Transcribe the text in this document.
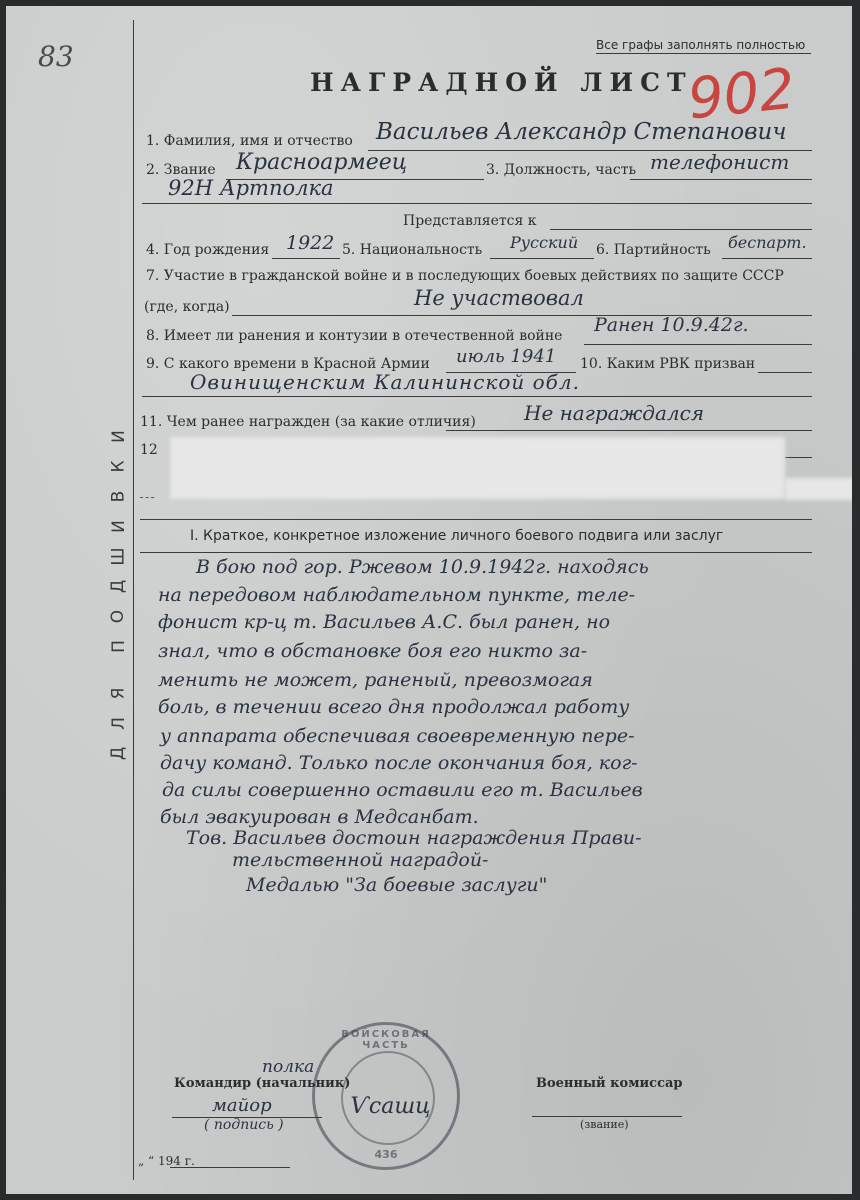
83	Все графы заполнять полностью
НАГРАДНОЙ ЛИСТ
902
И
К
В
И
Ш
Д
О
П
Я
Л
Д
1. Фамилия, имя и отчество Васильев Александр Степанович
2. Звание Красноармеец	3. Должность, часть телефонист
92Н Артполка
Представляется к
4. Год рождения 1922 5. Национальность Русский 6. Партийность беспарт.
7. Участие в гражданской войне и в последующих боевых действиях по защите СССР
(где, когда)	Не участвовал
8. Имеет ли ранения и контузии в отечественной войне Ранен 10.9.42г.
9. С какого времени в Красной Армии июль 1941 10. Каким РВК призван
Овинищенским Калининской обл.
11. Чем ранее награжден (за какие отличия) Не награждался
12
I. Краткое, конкретное изложение личного боевого подвига или заслуг
В бою под гор. Ржевом 10.9.1942г. находясь
на передовом наблюдательном пункте, теле-
фонист кр-ц т. Васильев А.С. был ранен, но
знал, что в обстановке боя его никто за-
менить не может, раненый, превозмогая
боль, в течении всего дня продолжал работу
у аппарата обеспечивая своевременную пере-
дачу команд. Только после окончания боя, ког-
да силы совершенно оставили его т. Васильев
был эвакуирован в Медсанбат.
Тов. Васильев достоин награждения Прави-
тельственной наградой-
Медалью "За боевые заслуги"
ВОЙСКОВАЯ ЧАСТЬ
436
полка
Командир (начальник)
майор
( подпись )
Ѵсашц
„ “ 194 г.
Военный комиссар
(звание)
